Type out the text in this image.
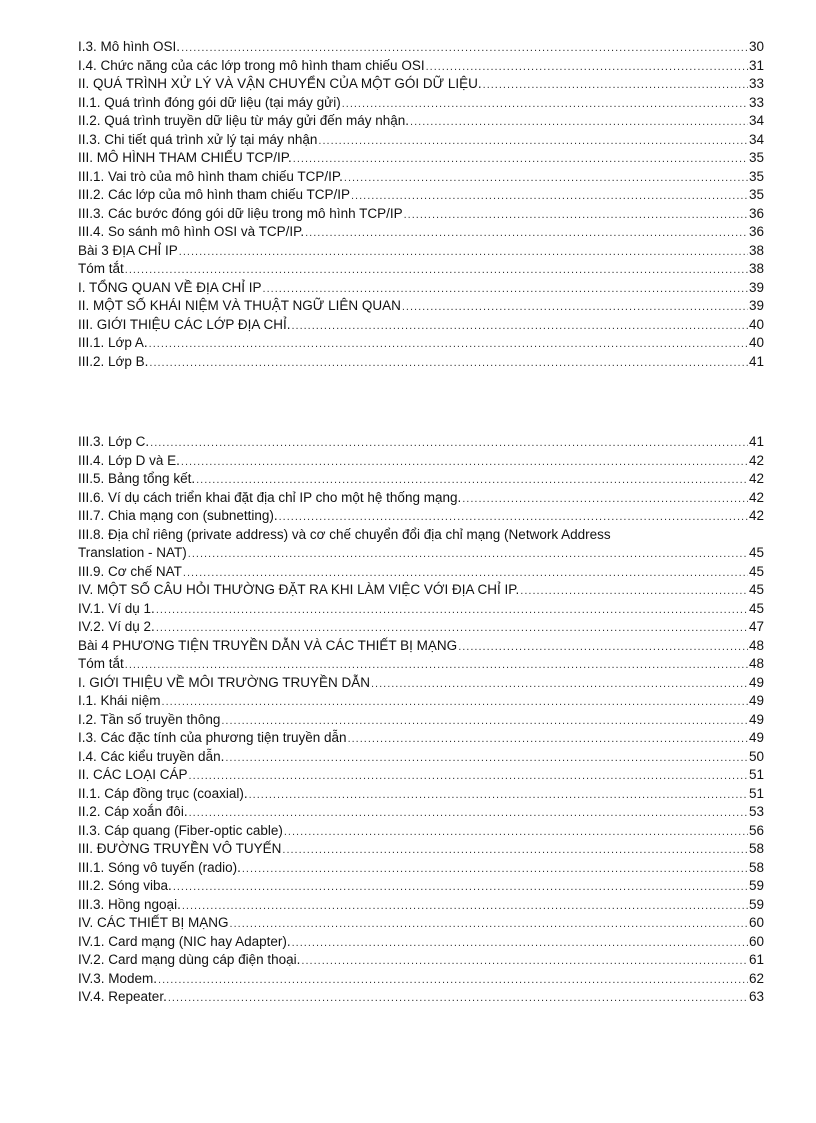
I.3. Mô hình OSI. .....	30
I.4. Chức năng của các lớp trong mô hình tham chiếu OSI .....	31
II. QUÁ TRÌNH XỬ LÝ VÀ VẬN CHUYỂN CỦA MỘT GÓI DỮ LIỆU. .....	33
II.1. Quá trình đóng gói dữ liệu (tại máy gửi) .....	33
II.2. Quá trình truyền dữ liệu từ máy gửi đến máy nhận. .....	34
II.3. Chi tiết quá trình xử lý tại máy nhận .....	34
III. MÔ HÌNH THAM CHIẾU TCP/IP. .....	35
III.1. Vai trò của mô hình tham chiếu TCP/IP. .....	35
III.2. Các lớp của mô hình tham chiếu TCP/IP .....	35
III.3. Các bước đóng gói dữ liệu trong mô hình TCP/IP .....	36
III.4. So sánh mô hình OSI và TCP/IP. .....	36
Bài 3 ĐỊA CHỈ IP .....	38
Tóm tắt .....	38
I. TỔNG QUAN VỀ ĐỊA CHỈ IP .....	39
II. MỘT SỐ KHÁI NIỆM VÀ THUẬT NGỮ LIÊN QUAN .....	39
III. GIỚI THIỆU CÁC LỚP ĐỊA CHỈ. .....	40
III.1. Lớp A. .....	40
III.2. Lớp B. .....	41
III.3. Lớp C. .....	41
III.4. Lớp D và E. .....	42
III.5. Bảng tổng kết. .....	42
III.6. Ví dụ cách triển khai đặt địa chỉ IP cho một hệ thống mạng. .....	42
III.7. Chia mạng con (subnetting). .....	42
III.8. Địa chỉ riêng (private address) và cơ chế chuyển đổi địa chỉ mạng (Network Address
Translation - NAT) .....	45
III.9. Cơ chế NAT .....	45
IV. MỘT SỐ CÂU HỎI THƯỜNG ĐẶT RA KHI LÀM VIỆC VỚI ĐỊA CHỈ IP. .....	45
IV.1. Ví dụ 1. .....	45
IV.2. Ví dụ 2. .....	47
Bài 4 PHƯƠNG TIỆN TRUYỀN DẪN VÀ CÁC THIẾT BỊ MẠNG .....	48
Tóm tắt .....	48
I. GIỚI THIỆU VỀ MÔI TRƯỜNG TRUYỀN DẪN .....	49
I.1. Khái niệm .....	49
I.2. Tần số truyền thông .....	49
I.3. Các đặc tính của phương tiện truyền dẫn .....	49
I.4. Các kiểu truyền dẫn. .....	50
II. CÁC LOẠI CÁP .....	51
II.1. Cáp đồng trục (coaxial). .....	51
II.2. Cáp xoắn đôi. .....	53
II.3. Cáp quang (Fiber-optic cable) .....	56
III. ĐƯỜNG TRUYỀN VÔ TUYẾN .....	58
III.1. Sóng vô tuyến (radio). .....	58
III.2. Sóng viba. .....	59
III.3. Hồng ngoại. .....	59
IV. CÁC THIẾT BỊ MẠNG .....	60
IV.1. Card mạng (NIC hay Adapter). .....	60
IV.2. Card mạng dùng cáp điện thoại. .....	61
IV.3. Modem. .....	62
IV.4. Repeater. .....	63
